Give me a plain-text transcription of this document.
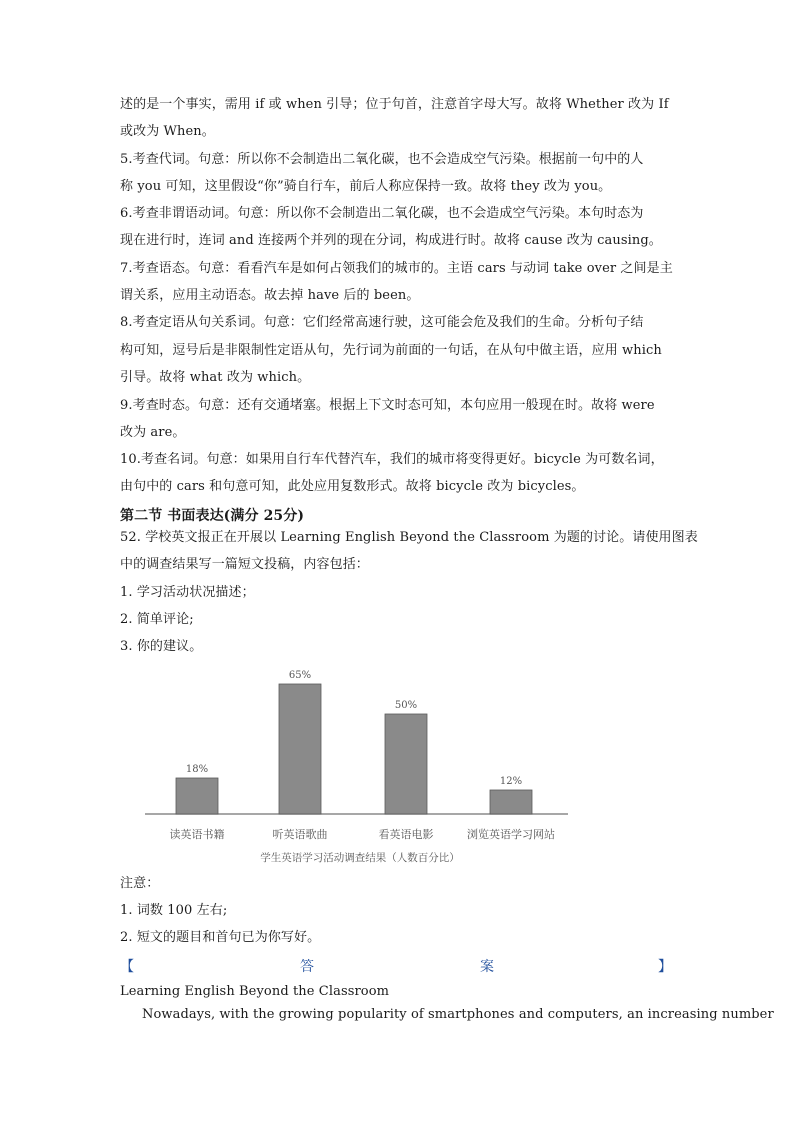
述的是一个事实，需用 if 或 when 引导；位于句首，注意首字母大写。故将 Whether 改为 If
或改为 When。
5.考查代词。句意：所以你不会制造出二氧化碳，也不会造成空气污染。根据前一句中的人
称 you 可知，这里假设“你”骑自行车，前后人称应保持一致。故将 they 改为 you。
6.考查非谓语动词。句意：所以你不会制造出二氧化碳，也不会造成空气污染。本句时态为
现在进行时，连词 and 连接两个并列的现在分词，构成进行时。故将 cause 改为 causing。
7.考查语态。句意：看看汽车是如何占领我们的城市的。主语 cars 与动词 take over 之间是主
谓关系，应用主动语态。故去掉 have 后的 been。
8.考查定语从句关系词。句意：它们经常高速行驶，这可能会危及我们的生命。分析句子结
构可知，逗号后是非限制性定语从句，先行词为前面的一句话，在从句中做主语，应用 which
引导。故将 what 改为 which。
9.考查时态。句意：还有交通堵塞。根据上下文时态可知，本句应用一般现在时。故将 were
改为 are。
10.考查名词。句意：如果用自行车代替汽车，我们的城市将变得更好。bicycle 为可数名词，
由句中的 cars 和句意可知，此处应用复数形式。故将 bicycle 改为 bicycles。
第二节 书面表达(满分 25分)
52. 学校英文报正在开展以 Learning English Beyond the Classroom 为题的讨论。请使用图表
中的调查结果写一篇短文投稿，内容包括：
1. 学习活动状况描述；
2. 简单评论;
3. 你的建议。
18%
读英语书籍
65%
听英语歌曲
50%
看英语电影
12%
浏览英语学习网站
学生英语学习活动调查结果（人数百分比）
注意：
1. 词数 100 左右;
2. 短文的题目和首句已为你写好。
【	答	案	】
Learning English Beyond the Classroom
Nowadays, with the growing popularity of smartphones and computers, an increasing number
